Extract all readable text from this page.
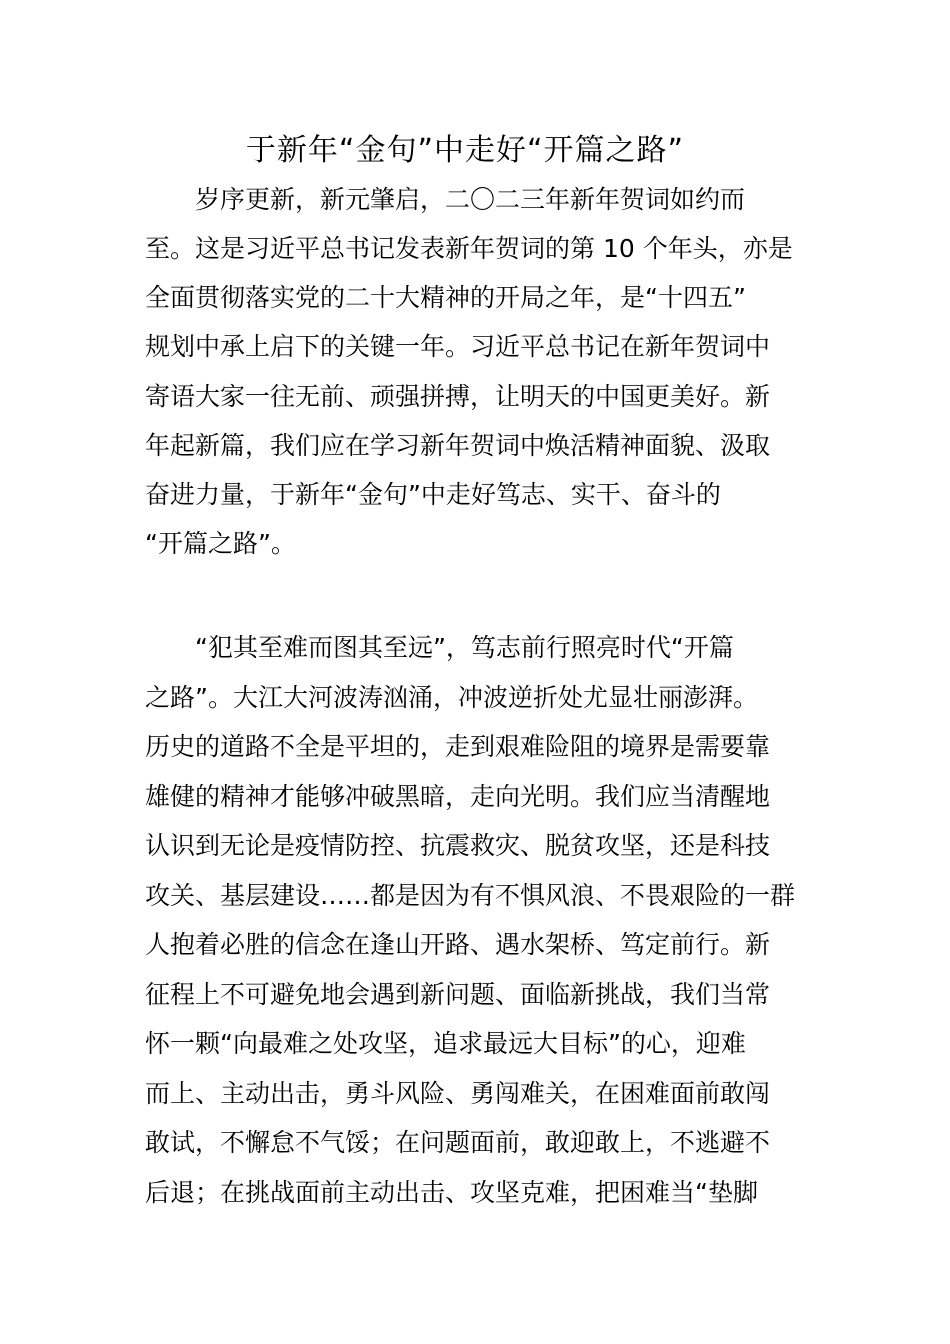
于新年“金句”中走好“开篇之路”
岁序更新，新元肇启，二〇二三年新年贺词如约而
至。这是习近平总书记发表新年贺词的第 10 个年头，亦是
全面贯彻落实党的二十大精神的开局之年，是“十四五”
规划中承上启下的关键一年。习近平总书记在新年贺词中
寄语大家一往无前、顽强拼搏，让明天的中国更美好。新
年起新篇，我们应在学习新年贺词中焕活精神面貌、汲取
奋进力量，于新年“金句”中走好笃志、实干、奋斗的
“开篇之路”。
“犯其至难而图其至远”，笃志前行照亮时代“开篇
之路”。大江大河波涛汹涌，冲波逆折处尤显壮丽澎湃。
历史的道路不全是平坦的，走到艰难险阻的境界是需要靠
雄健的精神才能够冲破黑暗，走向光明。我们应当清醒地
认识到无论是疫情防控、抗震救灾、脱贫攻坚，还是科技
攻关、基层建设……都是因为有不惧风浪、不畏艰险的一群
人抱着必胜的信念在逢山开路、遇水架桥、笃定前行。新
征程上不可避免地会遇到新问题、面临新挑战，我们当常
怀一颗“向最难之处攻坚，追求最远大目标”的心，迎难
而上、主动出击，勇斗风险、勇闯难关，在困难面前敢闯
敢试，不懈怠不气馁；在问题面前，敢迎敢上，不逃避不
后退；在挑战面前主动出击、攻坚克难，把困难当“垫脚
